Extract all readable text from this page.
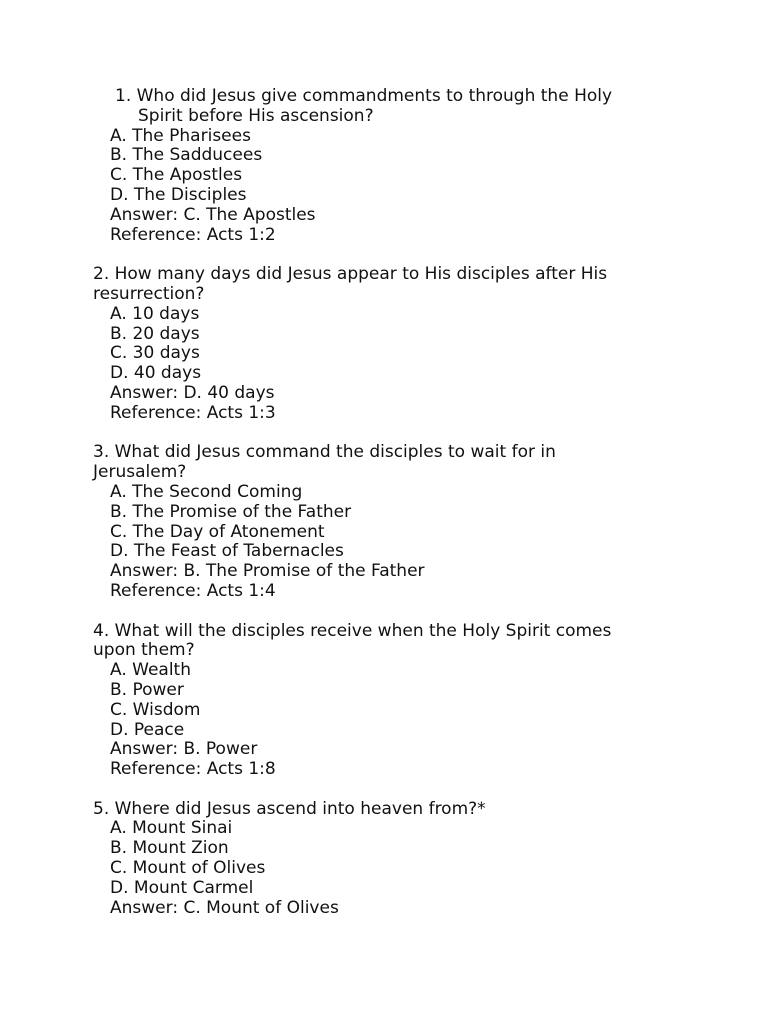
1. Who did Jesus give commandments to through the Holy Spirit before His ascension?

A. The Pharisees

B. The Sadducees

C. The Apostles

D. The Disciples

Answer: C. The Apostles

Reference: Acts 1:2

2. How many days did Jesus appear to His disciples after His resurrection?

A. 10 days

B. 20 days

C. 30 days

D. 40 days

Answer: D. 40 days

Reference: Acts 1:3

3. What did Jesus command the disciples to wait for in Jerusalem?

A. The Second Coming

B. The Promise of the Father

C. The Day of Atonement

D. The Feast of Tabernacles

Answer: B. The Promise of the Father

Reference: Acts 1:4

4. What will the disciples receive when the Holy Spirit comes upon them?

A. Wealth

B. Power

C. Wisdom

D. Peace

Answer: B. Power

Reference: Acts 1:8

5. Where did Jesus ascend into heaven from?*

A. Mount Sinai

B. Mount Zion

C. Mount of Olives

D. Mount Carmel

Answer: C. Mount of Olives
